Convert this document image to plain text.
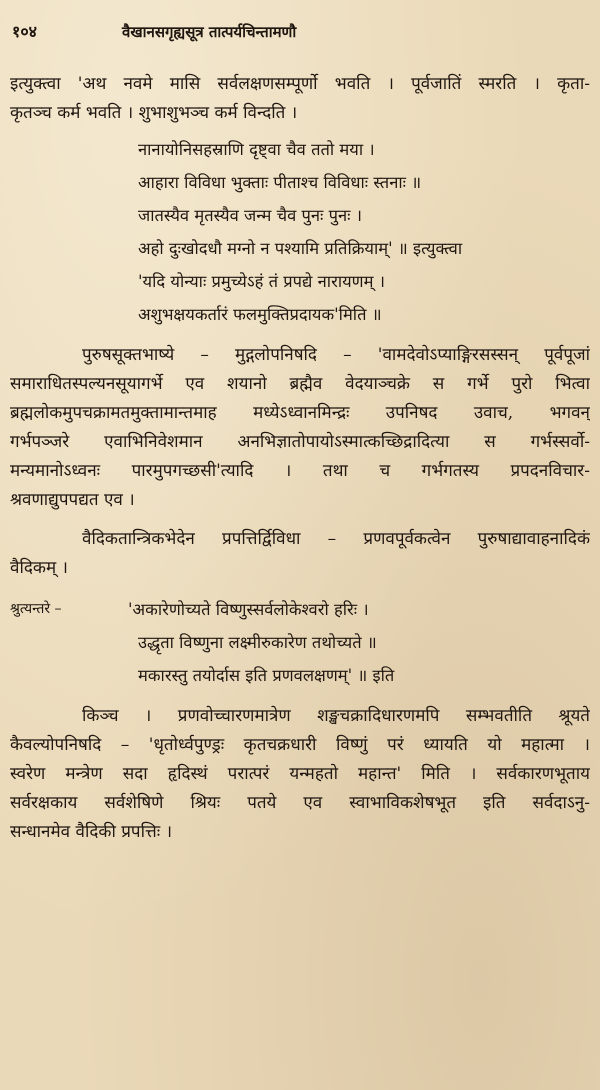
१०४	वैखानसगृह्यसूत्र तात्पर्यचिन्तामणौ
इत्युक्त्वा 'अथ नवमे मासि सर्वलक्षणसम्पूर्णो भवति । पूर्वजातिं स्मरति । कृता-
कृतञ्च कर्म भवति । शुभाशुभञ्च कर्म विन्दति ।
नानायोनिसहस्राणि दृष्ट्वा चैव ततो मया ।
आहारा विविधा भुक्ताः पीताश्च विविधाः स्तनाः ॥
जातस्यैव मृतस्यैव जन्म चैव पुनः पुनः ।
अहो दुःखोदधौ मग्नो न पश्यामि प्रतिक्रियाम्' ॥ इत्युक्त्वा
'यदि योन्याः प्रमुच्येऽहं तं प्रपद्ये नारायणम् ।
अशुभक्षयकर्तारं फलमुक्तिप्रदायक'मिति ॥
पुरुषसूक्तभाष्ये – मुद्गलोपनिषदि – 'वामदेवोऽप्याङ्गिरसस्सन् पूर्वपूजां
समाराधितस्पल्यनसूयागर्भे एव शयानो ब्रह्मैव वेदयाञ्चक्रे स गर्भे पुरो भित्वा
ब्रह्मलोकमुपचक्रामतमुक्तामान्तमाह मध्येऽध्वानमिन्द्रः उपनिषद उवाच, भगवन्
गर्भपञ्जरे एवाभिनिवेशमान अनभिज्ञातोपायोऽस्मात्कच्छिद्रादित्या स गर्भस्सर्वो-
मन्यमानोऽध्वनः पारमुपगच्छसी'त्यादि । तथा च गर्भगतस्य प्रपदनविचार-
श्रवणाद्युपपद्यत एव ।
वैदिकतान्त्रिकभेदेन प्रपत्तिर्द्विविधा – प्रणवपूर्वकत्वेन पुरुषाद्यावाहनादिकं
वैदिकम् ।
श्रुत्यन्तरे –	'अकारेणोच्यते विष्णुस्सर्वलोकेश्वरो हरिः ।
उद्धृता विष्णुना लक्ष्मीरुकारेण तथोच्यते ॥
मकारस्तु तयोर्दास इति प्रणवलक्षणम्' ॥ इति
किञ्च । प्रणवोच्चारणमात्रेण शङ्खचक्रादिधारणमपि सम्भवतीति श्रूयते
कैवल्योपनिषदि – 'धृतोर्ध्वपुण्ड्रः कृतचक्रधारी विष्णुं परं ध्यायति यो महात्मा ।
स्वरेण मन्त्रेण सदा हृदिस्थं परात्परं यन्महतो महान्त' मिति । सर्वकारणभूताय
सर्वरक्षकाय सर्वशेषिणे श्रियः पतये एव स्वाभाविकशेषभूत इति सर्वदाऽनु-
सन्धानमेव वैदिकी प्रपत्तिः ।
